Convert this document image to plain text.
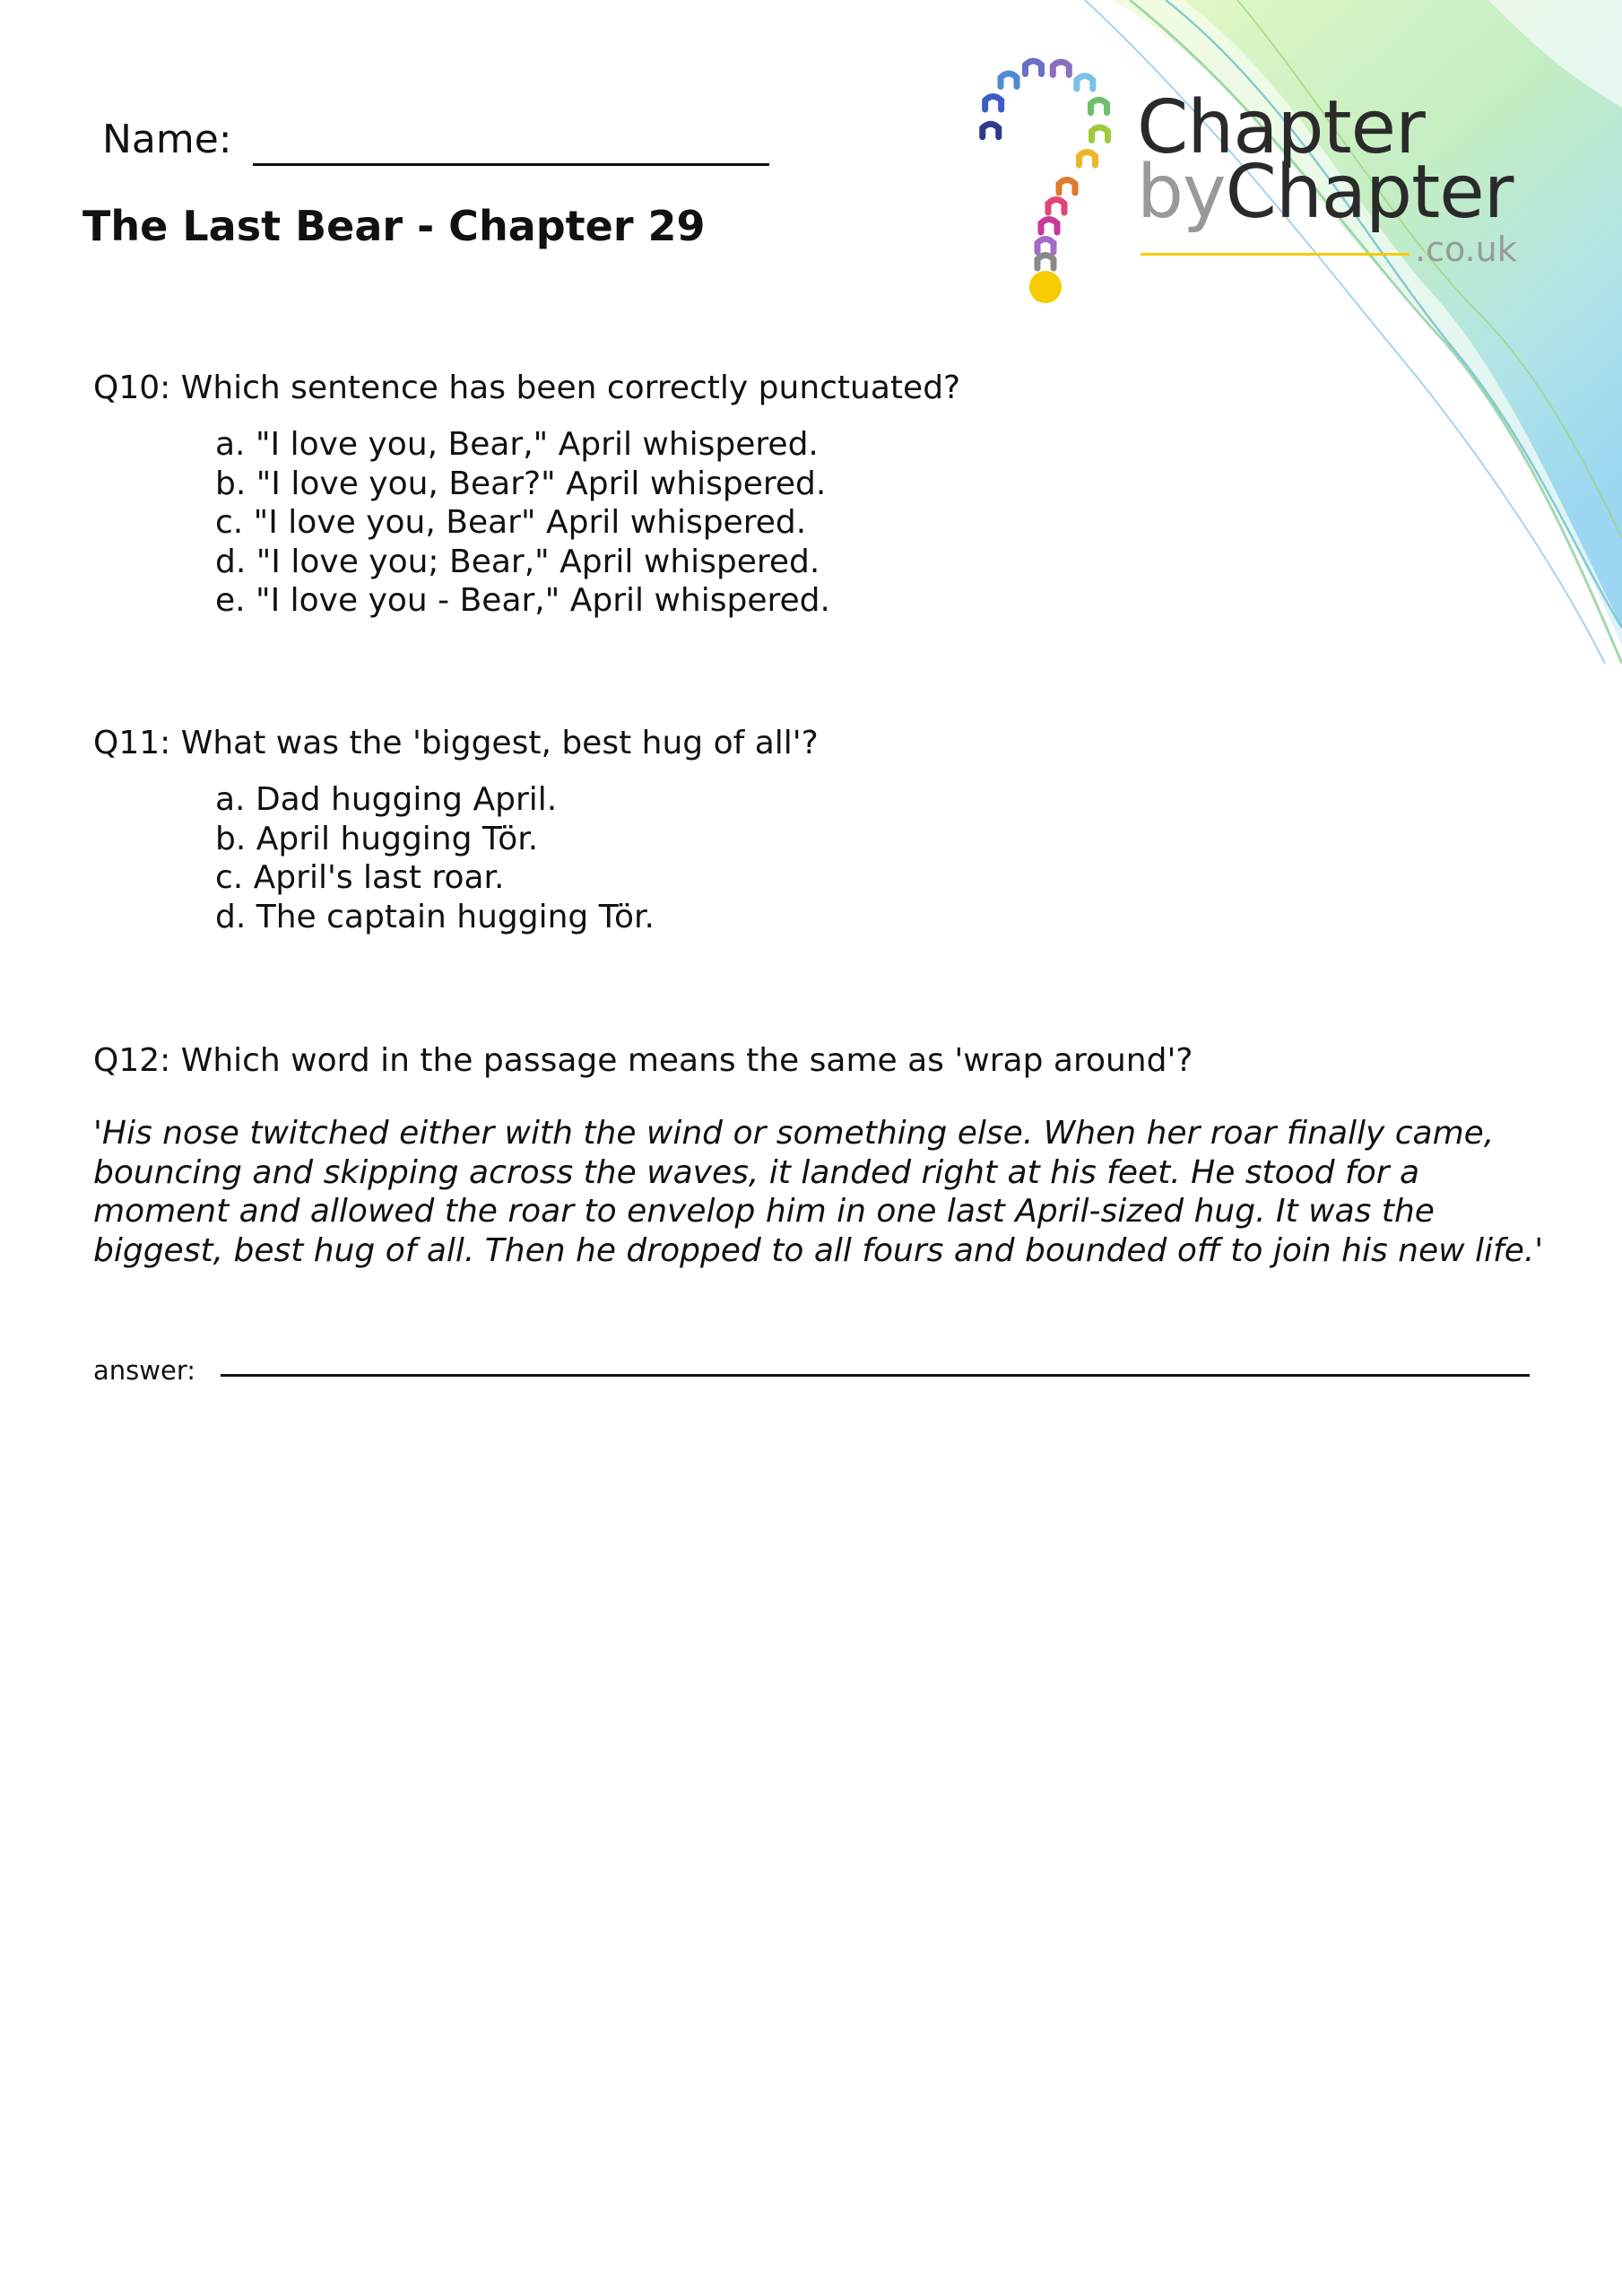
Name:
The Last Bear - Chapter 29
Chapter
byChapter
.co.uk

Q10: Which sentence has been correctly punctuated?

a. "I love you, Bear," April whispered.
b. "I love you, Bear?" April whispered.
c. "I love you, Bear" April whispered.
d. "I love you; Bear," April whispered.
e. "I love you - Bear," April whispered.

Q11: What was the 'biggest, best hug of all'?

a. Dad hugging April.
b. April hugging Tör.
c. April's last roar.
d. The captain hugging Tör.

Q12: Which word in the passage means the same as 'wrap around'?

'His nose twitched either with the wind or something else. When her roar finally came, bouncing and skipping across the waves, it landed right at his feet. He stood for a moment and allowed the roar to envelop him in one last April-sized hug. It was the biggest, best hug of all. Then he dropped to all fours and bounded off to join his new life.'

answer:
